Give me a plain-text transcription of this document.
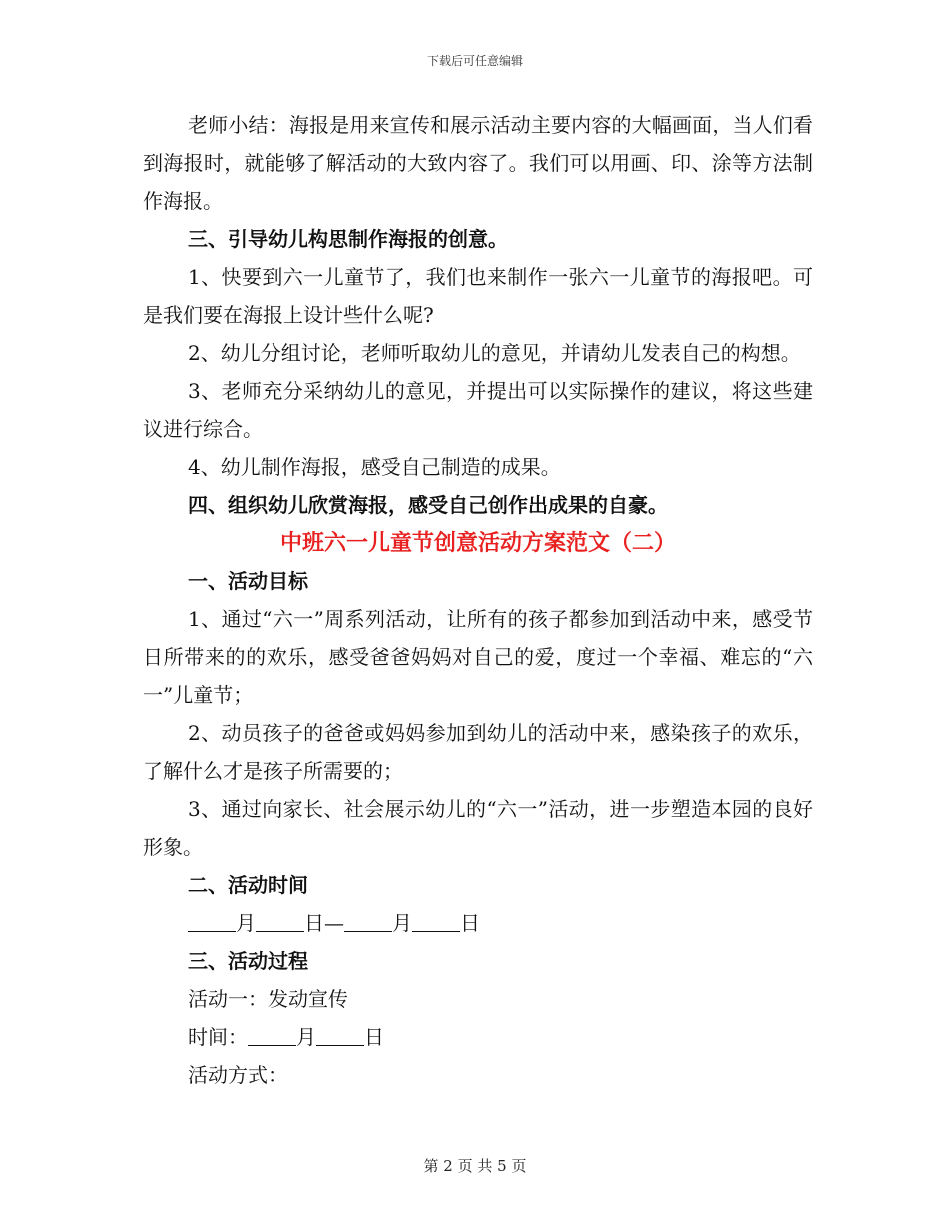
下载后可任意编辑

老师小结：海报是用来宣传和展示活动主要内容的大幅画面，当人们看到海报时，就能够了解活动的大致内容了。我们可以用画、印、涂等方法制作海报。

三、引导幼儿构思制作海报的创意。

1、快要到六一儿童节了，我们也来制作一张六一儿童节的海报吧。可是我们要在海报上设计些什么呢?

2、幼儿分组讨论，老师听取幼儿的意见，并请幼儿发表自己的构想。

3、老师充分采纳幼儿的意见，并提出可以实际操作的建议，将这些建议进行综合。

4、幼儿制作海报，感受自己制造的成果。

四、组织幼儿欣赏海报，感受自己创作出成果的自豪。

中班六一儿童节创意活动方案范文（二）

一、活动目标

1、通过“六一”周系列活动，让所有的孩子都参加到活动中来，感受节日所带来的的欢乐，感受爸爸妈妈对自己的爱，度过一个幸福、难忘的“六一”儿童节；

2、动员孩子的爸爸或妈妈参加到幼儿的活动中来，感染孩子的欢乐，了解什么才是孩子所需要的；

3、通过向家长、社会展示幼儿的“六一”活动，进一步塑造本园的良好形象。

二、活动时间

月 日— 月 日

三、活动过程

活动一：发动宣传

时间： 月 日

活动方式：

第 2 页 共 5 页
